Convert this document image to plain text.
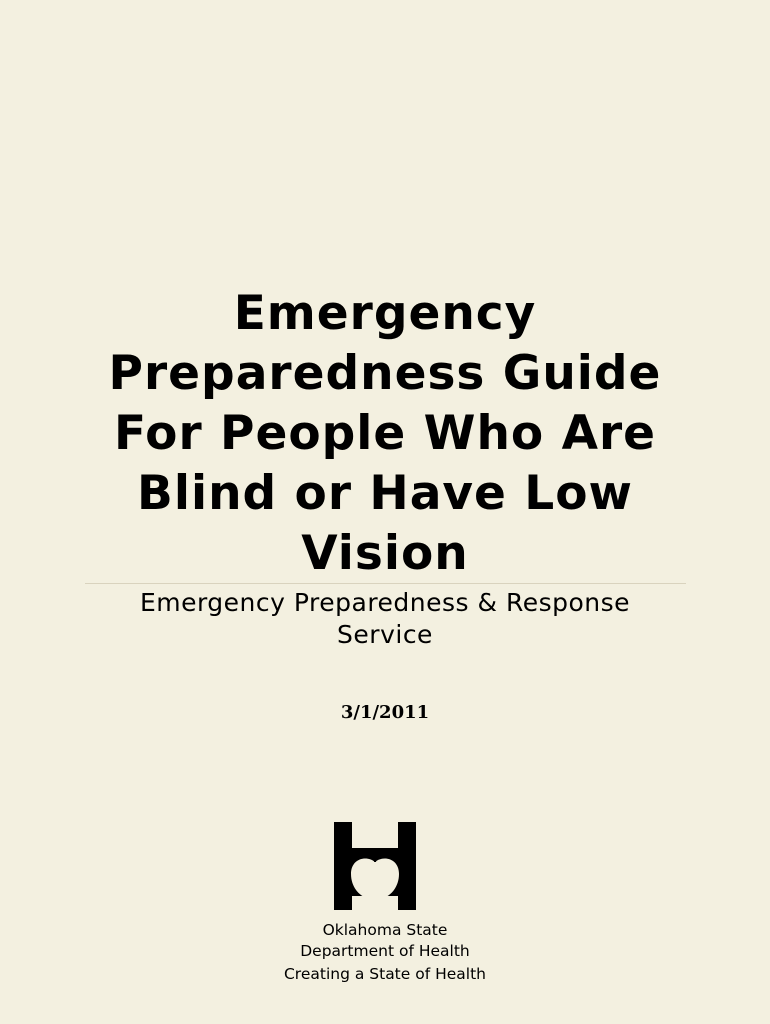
Emergency
Preparedness Guide
For People Who Are
Blind or Have Low
Vision
Emergency Preparedness & Response
Service
3/1/2011
Oklahoma State
Department of Health
Creating a State of Health
